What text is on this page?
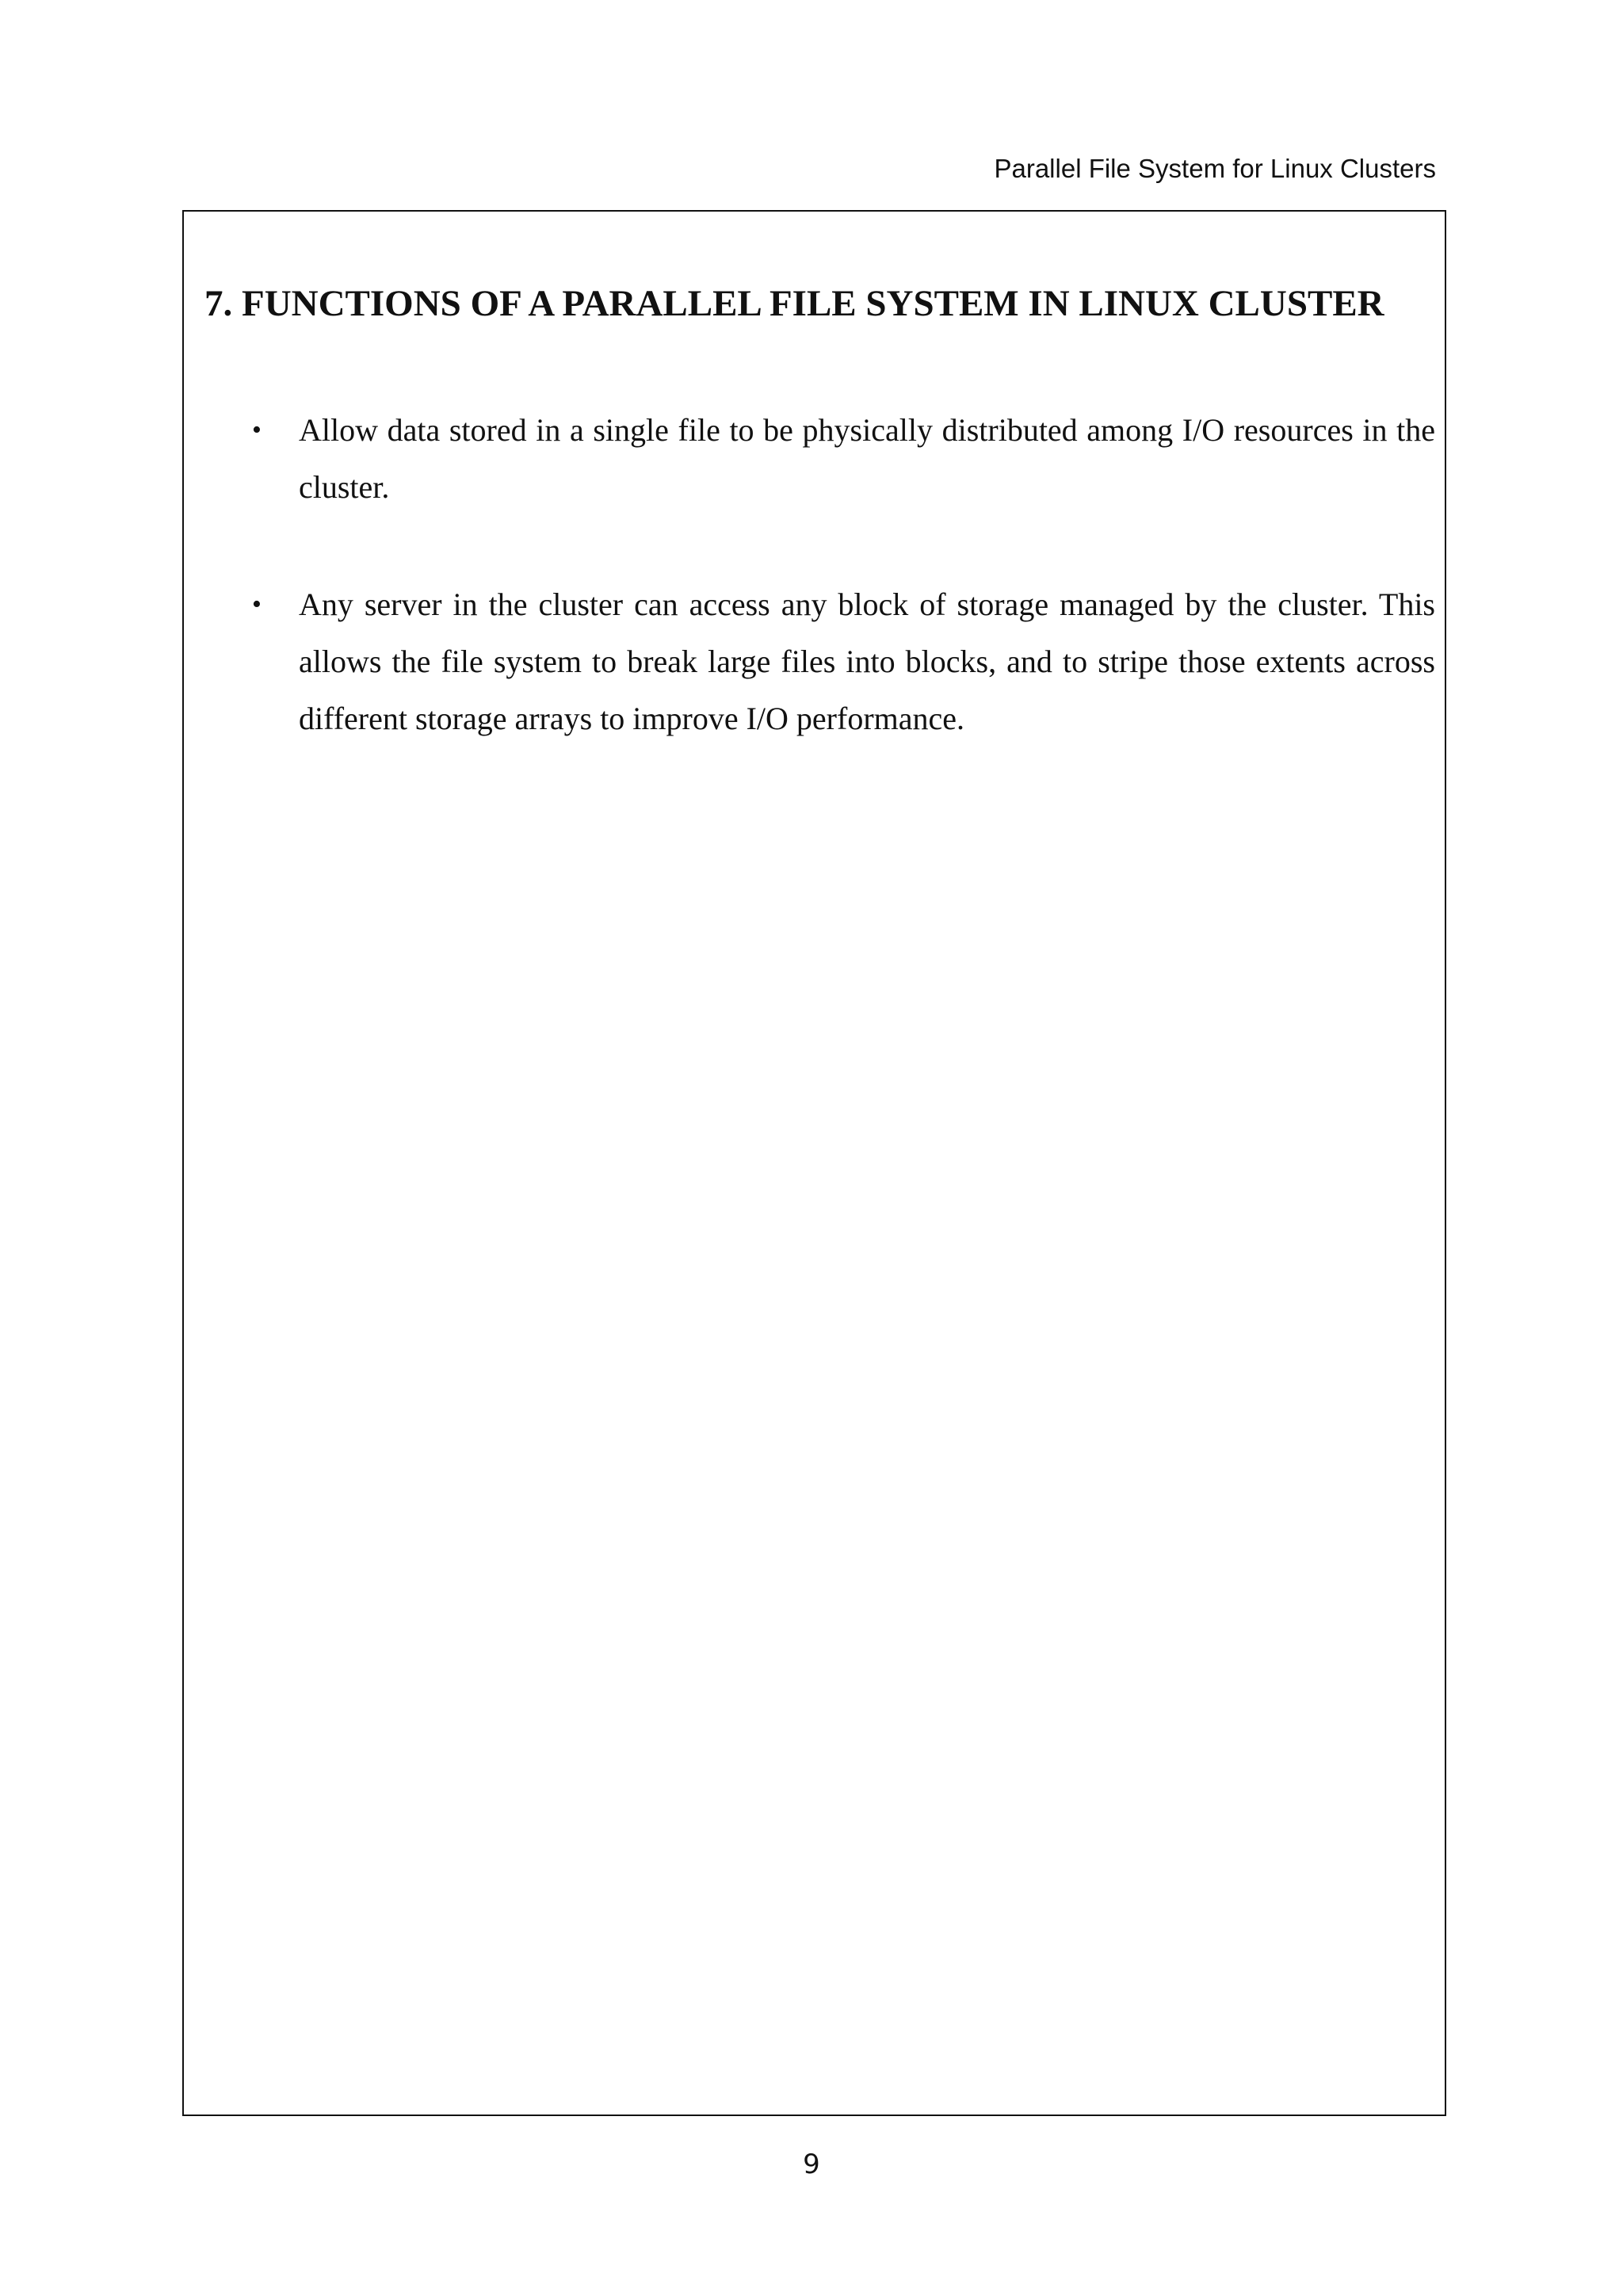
Parallel File System for Linux Clusters
7. FUNCTIONS OF A PARALLEL FILE SYSTEM IN LINUX CLUSTER
• Allow data stored in a single file to be physically distributed among I/O resources in the cluster.
• Any server in the cluster can access any block of storage managed by the cluster. This allows the file system to break large files into blocks, and to stripe those extents across different storage arrays to improve I/O performance.
9
